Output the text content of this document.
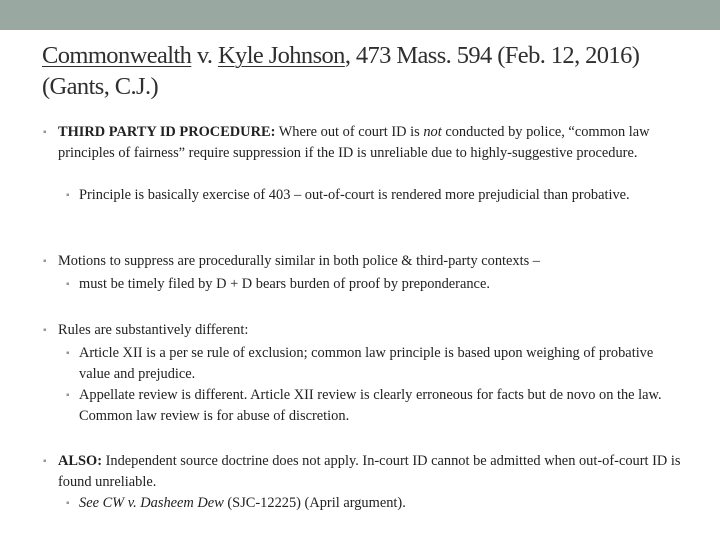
Commonwealth v. Kyle Johnson, 473 Mass. 594 (Feb. 12, 2016) (Gants, C.J.)
▪ THIRD PARTY ID PROCEDURE: Where out of court ID is not conducted by police, “common law principles of fairness” require suppression if the ID is unreliable due to highly-suggestive procedure.
▪ Principle is basically exercise of 403 – out-of-court is rendered more prejudicial than probative.
▪ Motions to suppress are procedurally similar in both police & third-party contexts –
▪ must be timely filed by D + D bears burden of proof by preponderance.
▪ Rules are substantively different:
▪ Article XII is a per se rule of exclusion; common law principle is based upon weighing of probative value and prejudice.
▪ Appellate review is different. Article XII review is clearly erroneous for facts but de novo on the law. Common law review is for abuse of discretion.
▪ ALSO: Independent source doctrine does not apply. In-court ID cannot be admitted when out-of-court ID is found unreliable.
▪ See CW v. Dasheem Dew (SJC-12225) (April argument).
